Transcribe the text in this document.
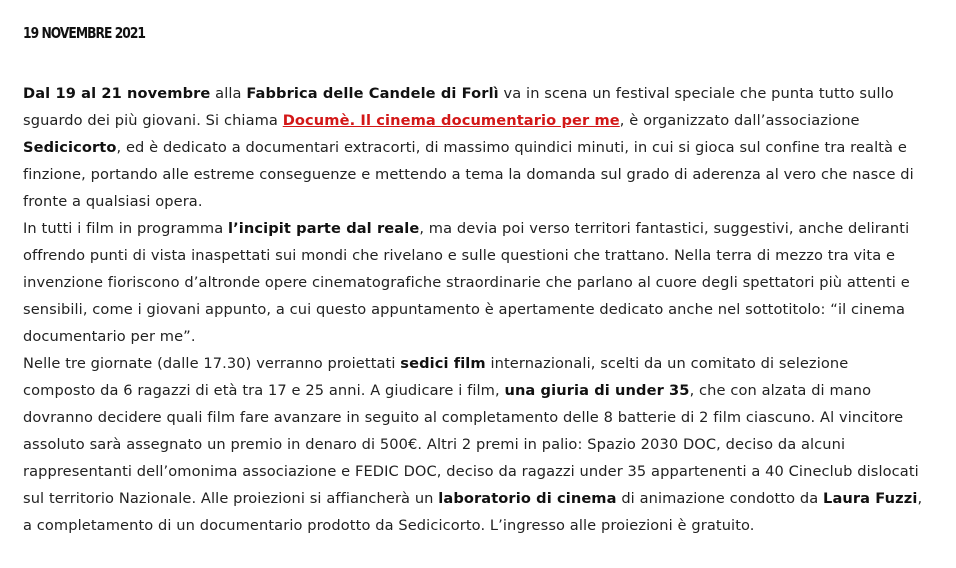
19 NOVEMBRE 2021

Dal 19 al 21 novembre alla Fabbrica delle Candele di Forlì va in scena un festival speciale che punta tutto sullo sguardo dei più giovani. Si chiama Documè. Il cinema documentario per me, è organizzato dall’associazione Sedicicorto, ed è dedicato a documentari extracorti, di massimo quindici minuti, in cui si gioca sul confine tra realtà e finzione, portando alle estreme conseguenze e mettendo a tema la domanda sul grado di aderenza al vero che nasce di fronte a qualsiasi opera.

In tutti i film in programma l’incipit parte dal reale, ma devia poi verso territori fantastici, suggestivi, anche deliranti offrendo punti di vista inaspettati sui mondi che rivelano e sulle questioni che trattano. Nella terra di mezzo tra vita e invenzione fioriscono d’altronde opere cinematografiche straordinarie che parlano al cuore degli spettatori più attenti e sensibili, come i giovani appunto, a cui questo appuntamento è apertamente dedicato anche nel sottotitolo: “il cinema documentario per me”.

Nelle tre giornate (dalle 17.30) verranno proiettati sedici film internazionali, scelti da un comitato di selezione composto da 6 ragazzi di età tra 17 e 25 anni. A giudicare i film, una giuria di under 35, che con alzata di mano dovranno decidere quali film fare avanzare in seguito al completamento delle 8 batterie di 2 film ciascuno. Al vincitore assoluto sarà assegnato un premio in denaro di 500€. Altri 2 premi in palio: Spazio 2030 DOC, deciso da alcuni rappresentanti dell’omonima associazione e FEDIC DOC, deciso da ragazzi under 35 appartenenti a 40 Cineclub dislocati sul territorio Nazionale. Alle proiezioni si affiancherà un laboratorio di cinema di animazione condotto da Laura Fuzzi, a completamento di un documentario prodotto da Sedicicorto. L’ingresso alle proiezioni è gratuito.
